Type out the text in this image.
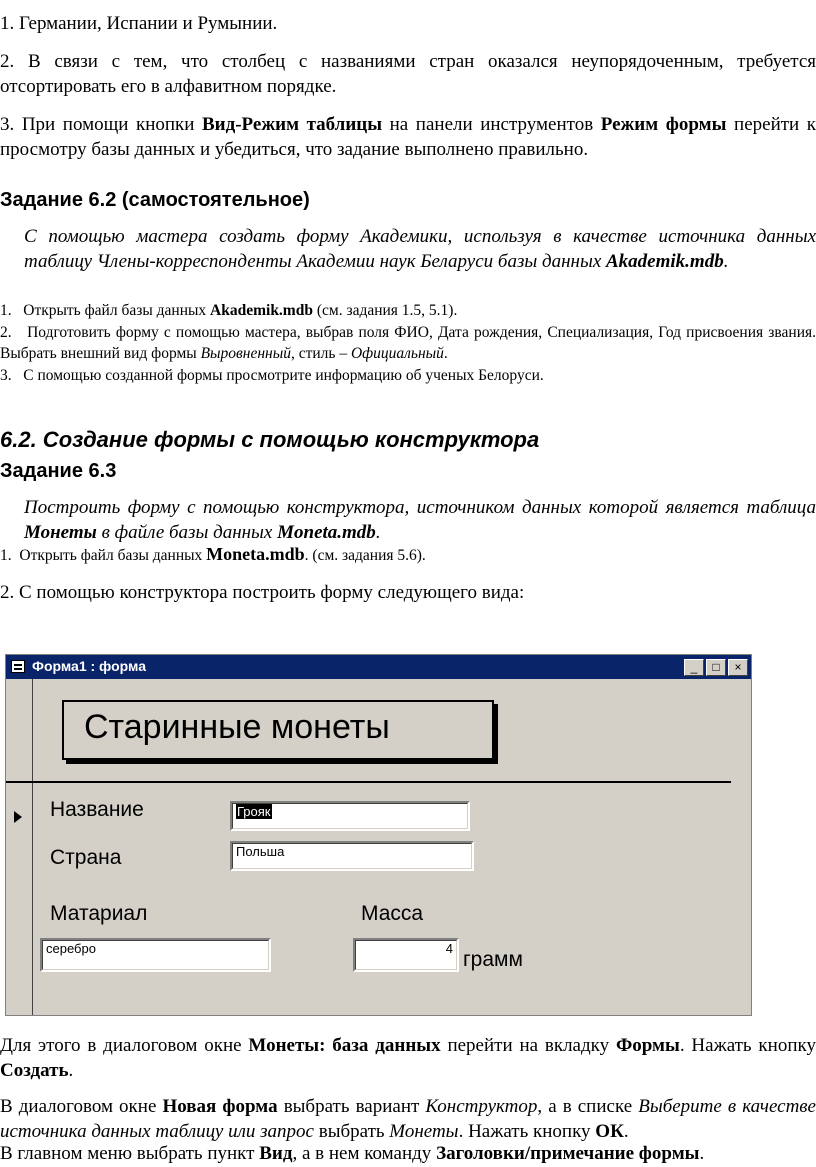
1. Германии, Испании и Румынии.

2. В связи с тем, что столбец с названиями стран оказался неупорядоченным, требуется отсортировать его в алфавитном порядке.

3. При помощи кнопки Вид-Режим таблицы на панели инструментов Режим формы перейти к просмотру базы данных и убедиться, что задание выполнено правильно.

Задание 6.2 (самостоятельное)

С помощью мастера создать форму Академики, используя в качестве источника данных таблицу Члены-корреспонденты Академии наук Беларуси базы данных Akademik.mdb.

1.   Открыть файл базы данных Akademik.mdb (см. задания 1.5, 5.1).

2.   Подготовить форму с помощью мастера, выбрав поля ФИО, Дата рождения, Специализация, Год присвоения звания. Выбрать внешний вид формы Выровненный, стиль – Официальный.

3.   С помощью созданной формы просмотрите информацию об ученых Белоруси.

6.2. Создание формы с помощью конструктора

Задание 6.3

Построить форму с помощью конструктора, источником данных которой является таблица Монеты в файле базы данных Moneta.mdb.

1.  Открыть файл базы данных Moneta.mdb. (см. задания 5.6).

2. С помощью конструктора построить форму следующего вида:

Форма1 : форма	_	□	×
Старинные монеты
Название	Грояк
Страна	Польша
Матариал
серебро
Масса
4 грамм

Для этого в диалоговом окне Монеты: база данных перейти на вкладку Формы. Нажать кнопку Создать.

В диалоговом окне Новая форма выбрать вариант Конструктор, а в списке Выберите в качестве источника данных таблицу или запрос выбрать Монеты. Нажать кнопку ОК.

В главном меню выбрать пункт Вид, а в нем команду Заголовки/примечание формы.
